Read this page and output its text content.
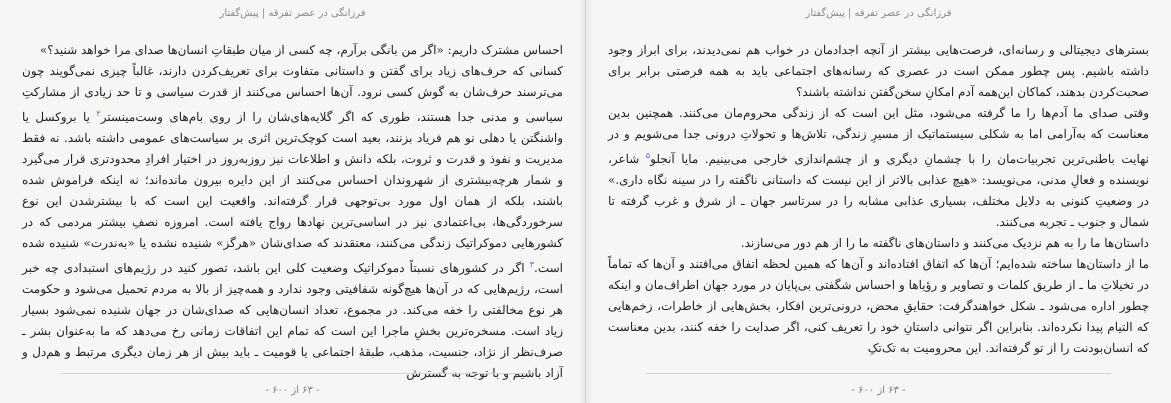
فرزانگی در عصر تفرقه | پیش‌گفتار

احساس مشترک داریم: «اگر من بانگی برآرم، چه کسی از میان طبقاتِ انسان‌ها صدای مرا خواهد شنید؟»

کسانی که حرف‌های زیاد برای گفتن و داستانی متفاوت برای تعریف‌کردن دارند، غالباً چیزی نمی‌گویند چون می‌ترسند حرف‌شان به گوش کسی نرود. آن‌ها احساس می‌کنند از قدرت سیاسی و تا حد زیادی از مشارکتِ سیاسی و مدنی جدا هستند، طوری که اگر گلایه‌های‌شان را از روی بام‌های وست‌مینستر$^۲$ یا بروکسل یا واشنگتن یا دهلی نو هم فریاد بزنند، بعید است کوچک‌ترین اثری بر سیاست‌های عمومی داشته باشد. نه فقط مدیریت و نفوذ و قدرت و ثروت، بلکه دانش و اطلاعات نیز روزبه‌روز در اختیار افرادِ محدودتری قرار می‌گیرد و شمار هرچه‌بیشتری از شهروندان احساس می‌کنند از این دایره بیرون مانده‌اند؛ نه اینکه فراموش شده باشند، بلکه از همان اول مورد بی‌توجهی قرار گرفته‌اند. واقعیت این است که با بیشترشدن این نوع سرخوردگی‌ها، بی‌اعتمادی نیز در اساسی‌ترین نهادها رواج یافته است. امروزه نصفِ بیشتر مردمی که در کشورهایی دموکراتیک زندگی می‌کنند، معتقدند که صدای‌شان «هرگز» شنیده نشده یا «به‌ندرت» شنیده شده است.$^۳$ اگر در کشورهای نسبتاً دموکراتیک وضعیت کلی این باشد، تصور کنید در رژیم‌های استبدادی چه خبر است، رژیم‌هایی که در آن‌ها هیچ‌گونه شفافیتی وجود ندارد و همه‌چیز از بالا به مردم تحمیل می‌شود و حکومت هر نوع مخالفتی را خفه می‌کند. در مجموع، تعداد انسان‌هایی که صدای‌شان در جهان شنیده نمی‌شود بسیار زیاد است. مسخره‌ترین بخشِ ماجرا این است که تمام این اتفاقات زمانی رخ می‌دهد که ما به‌عنوان بشر ـ صرف‌نظر از نژاد، جنسیت، مذهب، طبقهٔ اجتماعی یا قومیت ـ باید بیش از هر زمان دیگری مرتبط و هم‌دل و آزاد باشیم و با توجه به گسترش

- ۶۳ از ۶۰۰ -
فرزانگی در عصر تفرقه | پیش‌گفتار

بسترهای دیجیتالی و رسانه‌ای، فرصت‌هایی بیشتر از آنچه اجدادمان در خواب هم نمی‌دیدند، برای ابراز وجود داشته باشیم. پس چطور ممکن است در عصری که رسانه‌های اجتماعی باید به همه فرصتی برابر برای صحبت‌کردن بدهند، کماکان این‌همه آدم امکانِ سخن‌گفتن نداشته باشند؟

وقتی صدای ما آدم‌ها را ما گرفته می‌شود، مثل این است که از زندگی محروم‌مان می‌کنند. همچنین بدین معناست که به‌آرامی اما به شکلی سیستماتیک از مسیرِ زندگی، تلاش‌ها و تحولاتِ درونی جدا می‌شویم و در نهایت باطنی‌ترین تجربیات‌مان را با چشمانِ دیگری و از چشم‌اندازی خارجی می‌بینیم. مایا آنجلو$^۵$ شاعر، نویسنده و فعالِ مدنی، می‌نویسد: «هیچ عذابی بالاتر از این نیست که داستانی ناگفته را در سینه نگاه داری.» در وضعیتِ کنونی به دلایل مختلف، بسیاری عذابی مشابه را در سرتاسر جهان ـ از شرق و غرب گرفته تا شمال و جنوب ـ تجربه می‌کنند.

داستان‌ها ما را به هم نزدیک می‌کنند و داستان‌های ناگفته ما را از هم دور می‌سازند.

ما از داستان‌ها ساخته شده‌ایم؛ آن‌ها که اتفاق افتاده‌اند و آن‌ها که همین لحظه اتفاق می‌افتند و آن‌ها که تماماً در تخیلاتِ ما ـ از طریق کلمات و تصاویر و رؤیاها و احساس شگفتی بی‌پایان در مورد جهان اطراف‌مان و اینکه چطور اداره می‌شود ـ شکل خواهندگرفت: حقایقِ محض، درونی‌ترین افکار، بخش‌هایی از خاطرات، زخم‌هایی که التیام پیدا نکرده‌اند. بنابراین اگر نتوانی داستانِ خود را تعریف کنی، اگر صدایت را خفه کنند، بدین معناست که انسان‌بودنت را از تو گرفته‌اند. این محرومیت به تک‌تکِ

- ۶۳ از ۶۰۰ -
